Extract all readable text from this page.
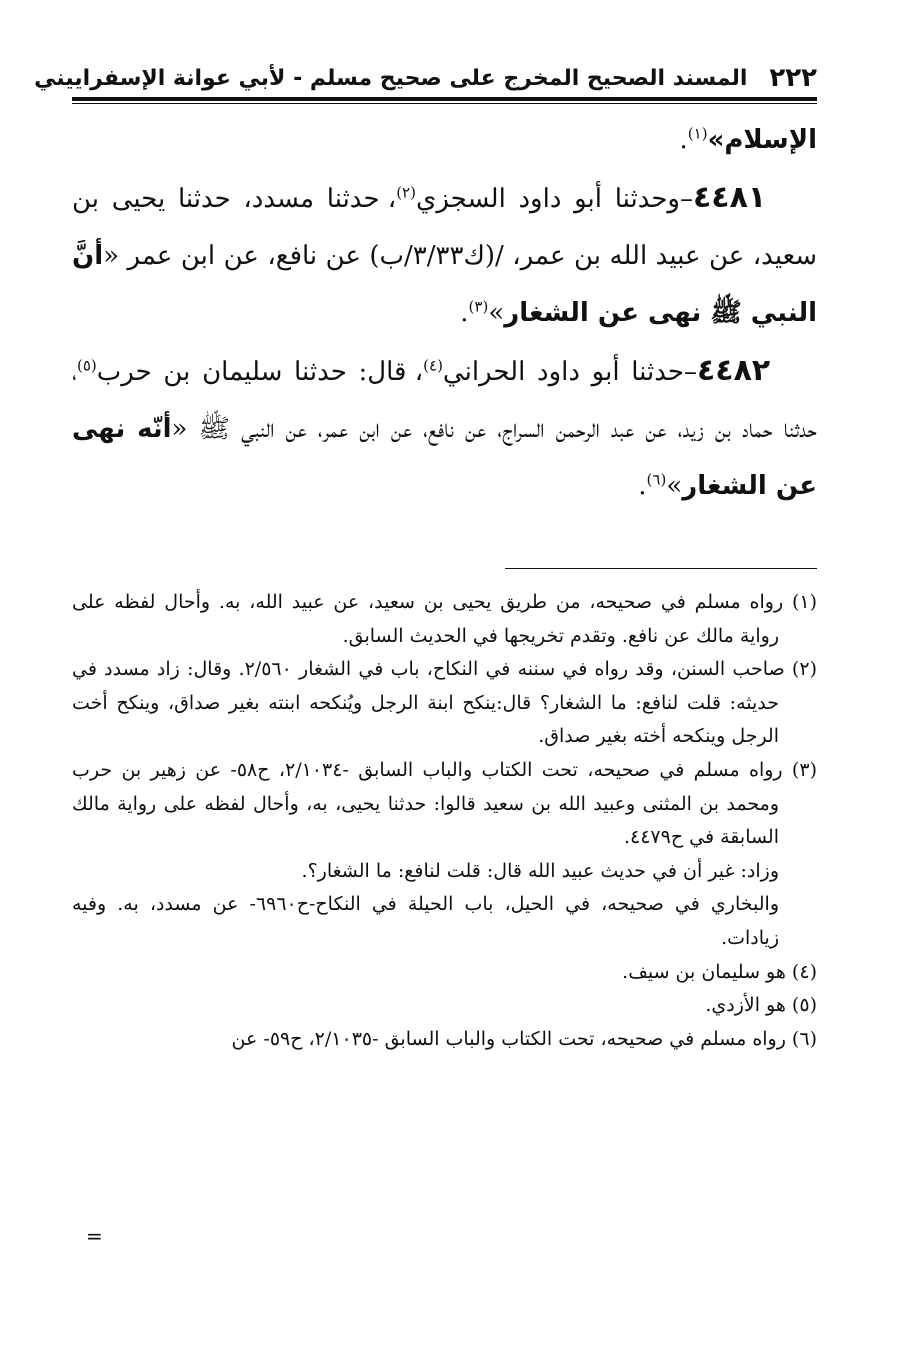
٢٢٢
المسند الصحيح المخرج على صحيح مسلم - لأبي عوانة الإسفراييني

الإسلام»$^{(١)}$.

​    ٤٤٨١–وحدثنا أبو داود السجزي$^{(٢)}$، حدثنا مسدد، حدثنا يحيى بن سعيد، عن عبيد الله بن عمر، /(ك٣/٣٣/ب) عن نافع، عن ابن عمر «أنَّ النبي ﷺ نهى عن الشغار»$^{(٣)}$.

​    ٤٤٨٢–حدثنا أبو داود الحراني$^{(٤)}$، قال: حدثنا سليمان بن حرب$^{(٥)}$، حدثنا حماد بن زيد، عن عبد الرحمن السراج، عن نافع، عن ابن عمر، عن النبي ﷺ «أنّه نهى عن الشغار»$^{(٦)}$.

(١) رواه مسلم في صحيحه، من طريق يحيى بن سعيد، عن عبيد الله، به. وأحال لفظه على رواية مالك عن نافع. وتقدم تخريجها في الحديث السابق.

(٢) صاحب السنن، وقد رواه في سننه في النكاح، باب في الشغار ٢/٥٦٠. وقال: زاد مسدد في حديثه: قلت لنافع: ما الشغار؟ قال:ينكح ابنة الرجل ويُنكحه ابنته بغير صداق، وينكح أخت الرجل وينكحه أخته بغير صداق.

(٣) رواه مسلم في صحيحه، تحت الكتاب والباب السابق -٢/١٠٣٤، ح٥٨- عن زهير بن حرب ومحمد بن المثنى وعبيد الله بن سعيد قالوا: حدثنا يحيى، به، وأحال لفظه على رواية مالك السابقة في ح٤٤٧٩.

وزاد: غير أن في حديث عبيد الله قال: قلت لنافع: ما الشغار؟.

والبخاري في صحيحه، في الحيل، باب الحيلة في النكاح-ح٦٩٦٠- عن مسدد، به. وفيه زيادات.

(٤) هو سليمان بن سيف.

(٥) هو الأزدي.

(٦) رواه مسلم في صحيحه، تحت الكتاب والباب السابق -٢/١٠٣٥، ح٥٩- عن

=
